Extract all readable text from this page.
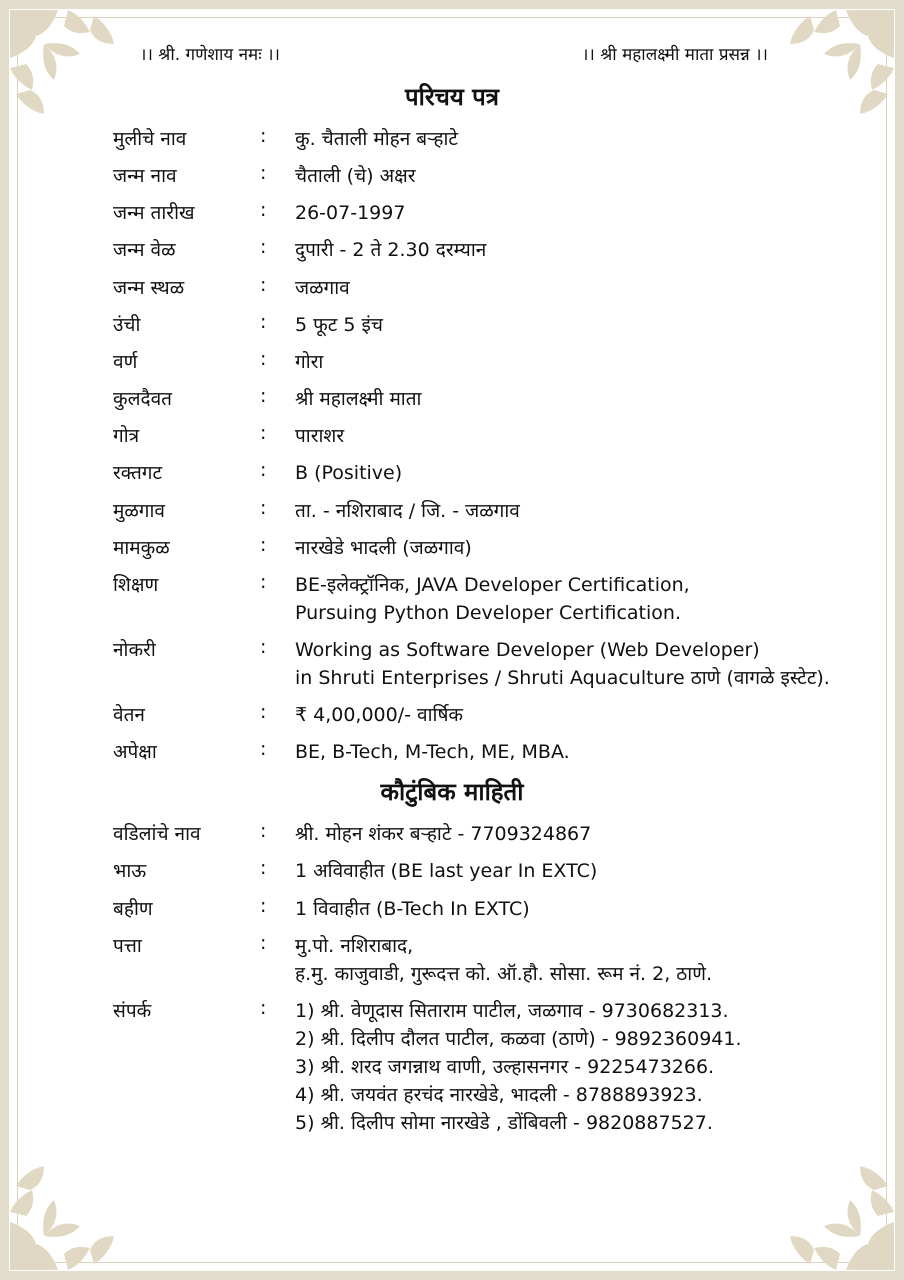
।। श्री. गणेशाय नमः ।।	।। श्री महालक्ष्मी माता प्रसन्न ।।
परिचय पत्र
मुलीचे नाव	: कु. चैताली मोहन बऱ्हाटे
जन्म नाव	: चैताली (चे) अक्षर
जन्म तारीख	: 26-07-1997
जन्म वेळ	: दुपारी - 2 ते 2.30 दरम्यान
जन्म स्थळ	: जळगाव
उंची	: 5 फूट 5 इंच
वर्ण	: गोरा
कुलदैवत	: श्री महालक्ष्मी माता
गोत्र	: पाराशर
रक्तगट	: B (Positive)
मुळगाव	: ता. - नशिराबाद / जि. - जळगाव
मामकुळ	: नारखेडे भादली (जळगाव)
शिक्षण	: BE-इलेक्ट्रॉनिक, JAVA Developer Certification,
Pursuing Python Developer Certification.
नोकरी	: Working as Software Developer (Web Developer)
in Shruti Enterprises / Shruti Aquaculture ठाणे (वागळे इस्टेट).
वेतन	: ₹ 4,00,000/- वार्षिक
अपेक्षा	: BE, B-Tech, M-Tech, ME, MBA.
कौटुंबिक माहिती
वडिलांचे नाव	: श्री. मोहन शंकर बऱ्हाटे - 7709324867
भाऊ	: 1 अविवाहीत (BE last year In EXTC)
बहीण	: 1 विवाहीत (B-Tech In EXTC)
पत्ता	: मु.पो. नशिराबाद,
ह.मु. काजुवाडी, गुरूदत्त को. ऑ.हौ. सोसा. रूम नं. 2, ठाणे.
संपर्क	: 1) श्री. वेणूदास सिताराम पाटील, जळगाव - 9730682313.
2) श्री. दिलीप दौलत पाटील, कळवा (ठाणे) - 9892360941.
3) श्री. शरद जगन्नाथ वाणी, उल्हासनगर - 9225473266.
4) श्री. जयवंत हरचंद नारखेडे, भादली - 8788893923.
5) श्री. दिलीप सोमा नारखेडे , डोंबिवली - 9820887527.
